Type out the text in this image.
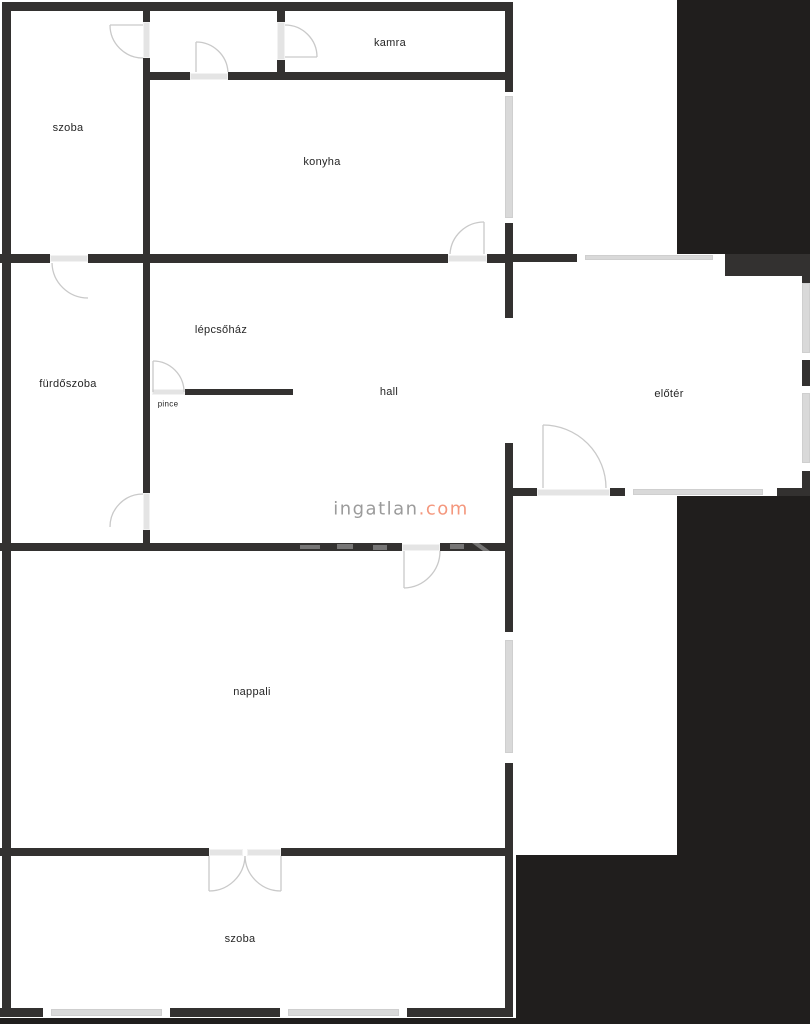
szoba
kamra
konyha
fürdőszoba
lépcsőház
pince
hall	előtér
nappali
szoba
ingatlan.com
